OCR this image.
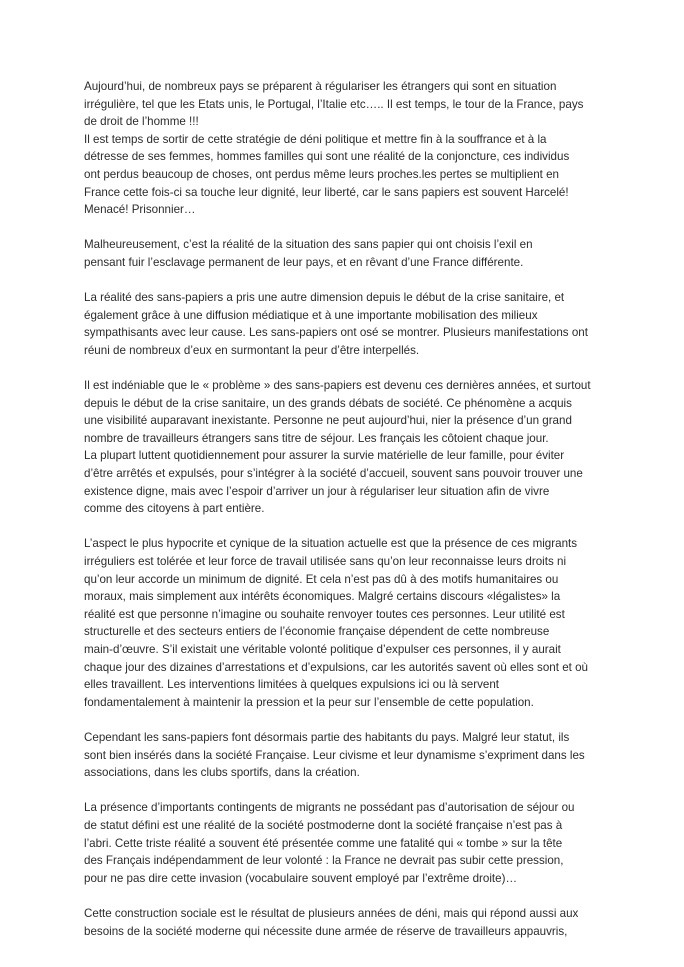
Aujourd’hui, de nombreux pays se préparent à régulariser les étrangers qui sont en situation
irrégulière, tel que les Etats unis, le Portugal, l’Italie etc….. Il est temps, le tour de la France, pays
de droit de l’homme !!!
Il est temps de sortir de cette stratégie de déni politique et mettre fin à la souffrance et à la
détresse de ses femmes, hommes familles qui sont une réalité de la conjoncture, ces individus
ont perdus beaucoup de choses, ont perdus même leurs proches.les pertes se multiplient en
France cette fois-ci sa touche leur dignité, leur liberté, car le sans papiers est souvent Harcelé!
Menacé! Prisonnier…

Malheureusement, c’est la réalité de la situation des sans papier qui ont choisis l’exil en
pensant fuir l’esclavage permanent de leur pays, et en rêvant d’une France différente.

La réalité des sans-papiers a pris une autre dimension depuis le début de la crise sanitaire, et
également grâce à une diffusion médiatique et à une importante mobilisation des milieux
sympathisants avec leur cause. Les sans-papiers ont osé se montrer. Plusieurs manifestations ont
réuni de nombreux d’eux en surmontant la peur d’être interpellés.

Il est indéniable que le « problème » des sans-papiers est devenu ces dernières années, et surtout
depuis le début de la crise sanitaire, un des grands débats de société. Ce phénomène a acquis
une visibilité auparavant inexistante. Personne ne peut aujourd’hui, nier la présence d’un grand
nombre de travailleurs étrangers sans titre de séjour. Les français les côtoient chaque jour.
La plupart luttent quotidiennement pour assurer la survie matérielle de leur famille, pour éviter
d’être arrêtés et expulsés, pour s’intégrer à la société d’accueil, souvent sans pouvoir trouver une
existence digne, mais avec l’espoir d’arriver un jour à régulariser leur situation afin de vivre
comme des citoyens à part entière.

L’aspect le plus hypocrite et cynique de la situation actuelle est que la présence de ces migrants
irréguliers est tolérée et leur force de travail utilisée sans qu’on leur reconnaisse leurs droits ni
qu’on leur accorde un minimum de dignité. Et cela n’est pas dû à des motifs humanitaires ou
moraux, mais simplement aux intérêts économiques. Malgré certains discours «légalistes» la
réalité est que personne n’imagine ou souhaite renvoyer toutes ces personnes. Leur utilité est
structurelle et des secteurs entiers de l’économie française dépendent de cette nombreuse
main-d’œuvre. S’il existait une véritable volonté politique d’expulser ces personnes, il y aurait
chaque jour des dizaines d’arrestations et d’expulsions, car les autorités savent où elles sont et où
elles travaillent. Les interventions limitées à quelques expulsions ici ou là servent
fondamentalement à maintenir la pression et la peur sur l’ensemble de cette population.

Cependant les sans-papiers font désormais partie des habitants du pays. Malgré leur statut, ils
sont bien insérés dans la société Française. Leur civisme et leur dynamisme s’expriment dans les
associations, dans les clubs sportifs, dans la création.

La présence d’importants contingents de migrants ne possédant pas d’autorisation de séjour ou
de statut défini est une réalité de la société postmoderne dont la société française n’est pas à
l’abri. Cette triste réalité a souvent été présentée comme une fatalité qui « tombe » sur la tête
des Français indépendamment de leur volonté : la France ne devrait pas subir cette pression,
pour ne pas dire cette invasion (vocabulaire souvent employé par l’extrême droite)…

Cette construction sociale est le résultat de plusieurs années de déni, mais qui répond aussi aux
besoins de la société moderne qui nécessite dune armée de réserve de travailleurs appauvris,
